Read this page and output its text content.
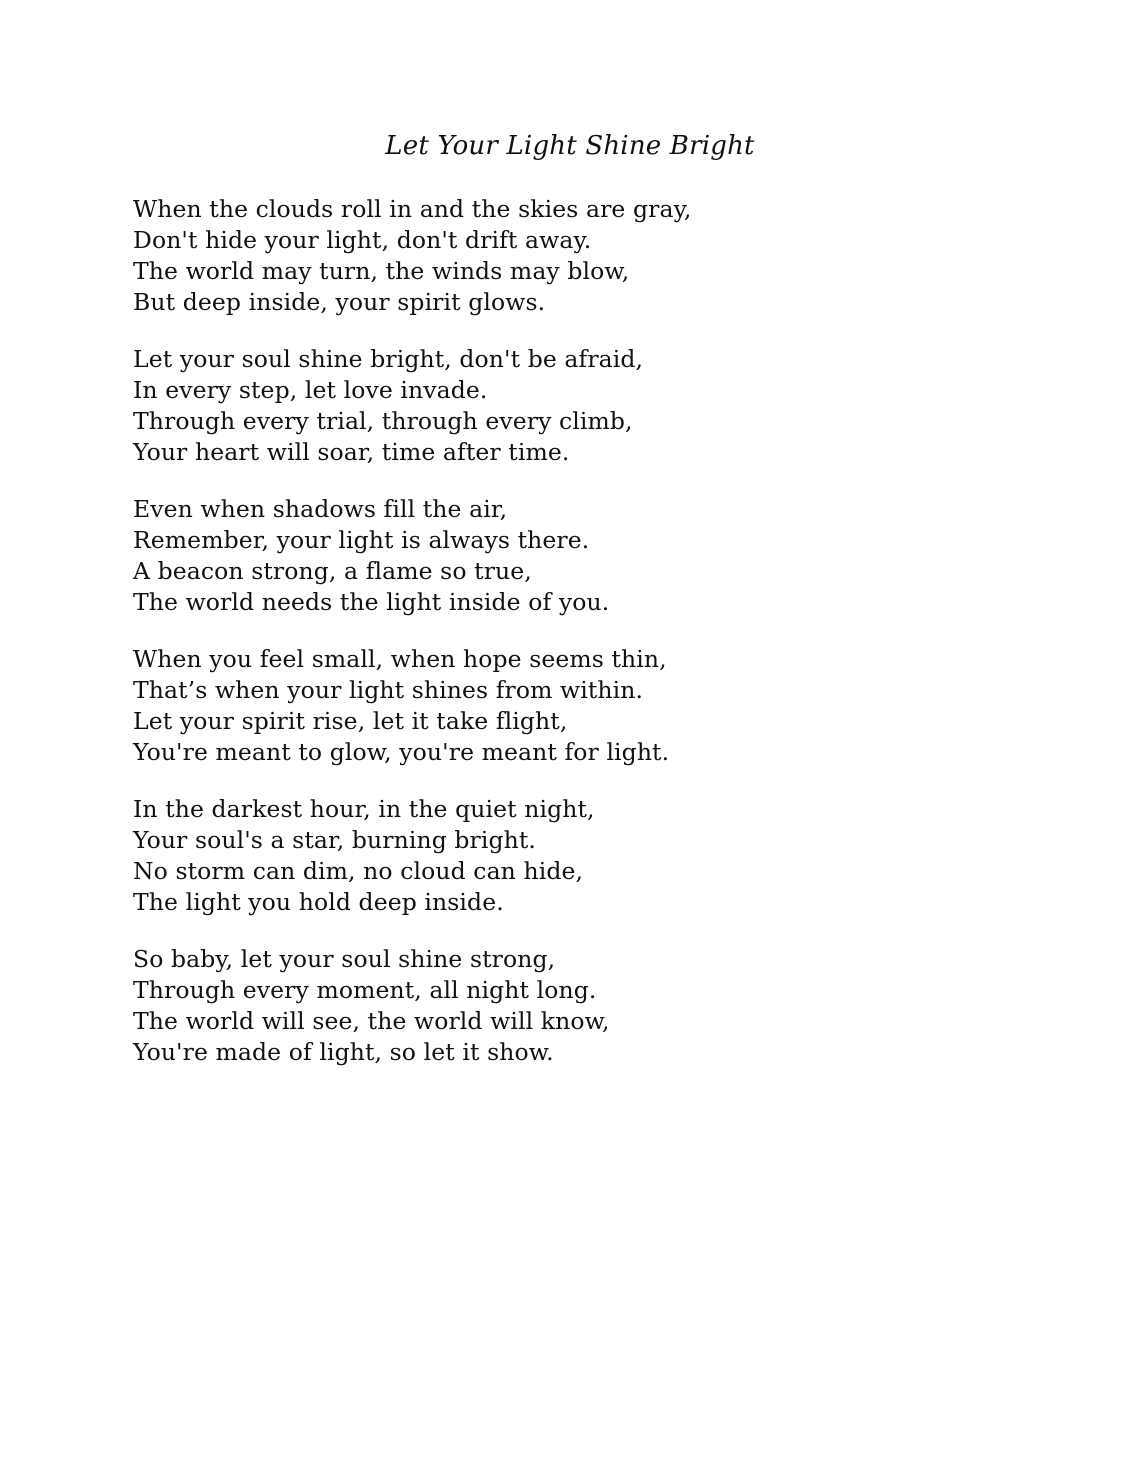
Let Your Light Shine Bright
When the clouds roll in and the skies are gray,
Don't hide your light, don't drift away.
The world may turn, the winds may blow,
But deep inside, your spirit glows.
Let your soul shine bright, don't be afraid,
In every step, let love invade.
Through every trial, through every climb,
Your heart will soar, time after time.
Even when shadows fill the air,
Remember, your light is always there.
A beacon strong, a flame so true,
The world needs the light inside of you.
When you feel small, when hope seems thin,
That’s when your light shines from within.
Let your spirit rise, let it take flight,
You're meant to glow, you're meant for light.
In the darkest hour, in the quiet night,
Your soul's a star, burning bright.
No storm can dim, no cloud can hide,
The light you hold deep inside.
So baby, let your soul shine strong,
Through every moment, all night long.
The world will see, the world will know,
You're made of light, so let it show.
